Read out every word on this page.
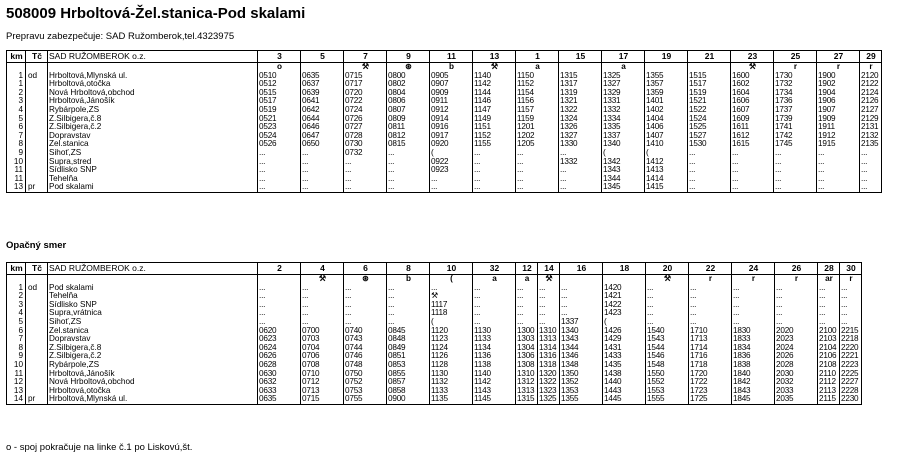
508009 Hrboltová-Žel.stanica-Pod skalami
Prepravu zabezpečuje: SAD Ružomberok,tel.4323975
km	Tč	SAD RUŽOMBEROK o.z.	3	5	7	9	11	13	1	15	17	19	21	23	25	27	29
			o		⚒	⊛	b	⚒	a		a			⚒	r	r	r
1	od	Hrboltová,Mlynská ul.	0510	0635	0715	0800	0905	1140	1150	1315	1325	1355	1515	1600	1730	1900	2120
1		Hrboltová,otočka	0512	0637	0717	0802	0907	1142	1152	1317	1327	1357	1517	1602	1732	1902	2122
2		Nová Hrboltová,obchod	0515	0639	0720	0804	0909	1144	1154	1319	1329	1359	1519	1604	1734	1904	2124
3		Hrboltová,Jánošík	0517	0641	0722	0806	0911	1146	1156	1321	1331	1401	1521	1606	1736	1906	2126
4		Rybárpole,ZŠ	0519	0642	0724	0807	0912	1147	1157	1322	1332	1402	1522	1607	1737	1907	2127
5		Ž.Šilbigera,č.8	0521	0644	0726	0809	0914	1149	1159	1324	1334	1404	1524	1609	1739	1909	2129
6		Ž.Šilbigera,č.2	0523	0646	0727	0811	0916	1151	1201	1326	1335	1406	1525	1611	1741	1911	2131
7		Dopravstav	0524	0647	0728	0812	0917	1152	1202	1327	1337	1407	1527	1612	1742	1912	2132
8		Žel.stanica	0526	0650	0730	0815	0920	1155	1205	1330	1340	1410	1530	1615	1745	1915	2135
9		Sihoť,ZŠ	...	...	0732	...	(	...	...	...	(	(	...	...	...	...	...
10		Supra,stred	...	...	...	...	0922	...	...	1332	1342	1412	...	...	...	...	...
11		Sídlisko SNP	...	...	...	...	0923	...	...	...	1343	1413	...	...	...	...	...
11		Tehelňa	...	...	...	...	...	...	...	...	1344	1414	...	...	...	...	...
13	pr	Pod skalami	...	...	...	...	...	...	...	...	1345	1415	...	...	...	...	...
Opačný smer
km	Tč	SAD RUŽOMBEROK o.z.	2	4	6	8	10	32	12	14	16	18	20	22	24	26	28	30
				⚒	⊛	b	(	a	a	⚒			⚒	r	r	r	ar	r
1	od	Pod skalami	...	...	...	...	...	...	...	...	...	1420	...	...	...	...	...	...
2		Tehelňa	...	...	...	...	⚒	...	...	...	...	1421	...	...	...	...	...	...
3		Sídlisko SNP	...	...	...	...	1117	...	...	...	...	1422	...	...	...	...	...	...
4		Supra,vrátnica	...	...	...	...	1118	...	...	...	...	1423	...	...	...	...	...	...
5		Sihoť,ZŠ	...	...	...	...	(	...	...	...	1337	(	...	...	...	...	...	...
6		Žel.stanica	0620	0700	0740	0845	1120	1130	1300	1310	1340	1426	1540	1710	1830	2020	2100	2215
7		Dopravstav	0623	0703	0743	0848	1123	1133	1303	1313	1343	1429	1543	1713	1833	2023	2103	2218
8		Ž.Šilbigera,č.8	0624	0704	0744	0849	1124	1134	1304	1314	1344	1431	1544	1714	1834	2024	2104	2220
9		Ž.Šilbigera,č.2	0626	0706	0746	0851	1126	1136	1306	1316	1346	1433	1546	1716	1836	2026	2106	2221
10		Rybárpole,ZŠ	0628	0708	0748	0853	1128	1138	1308	1318	1348	1435	1548	1718	1838	2028	2108	2223
11		Hrboltová,Jánošík	0630	0710	0750	0855	1130	1140	1310	1320	1350	1438	1550	1720	1840	2030	2110	2225
12		Nová Hrboltová,obchod	0632	0712	0752	0857	1132	1142	1312	1322	1352	1440	1552	1722	1842	2032	2112	2227
13		Hrboltová,otočka	0633	0713	0753	0858	1133	1143	1313	1323	1353	1443	1553	1723	1843	2033	2113	2228
14	pr	Hrboltová,Mlynská ul.	0635	0715	0755	0900	1135	1145	1315	1325	1355	1445	1555	1725	1845	2035	2115	2230
o - spoj pokračuje na linke č.1 po Liskovú,št.
